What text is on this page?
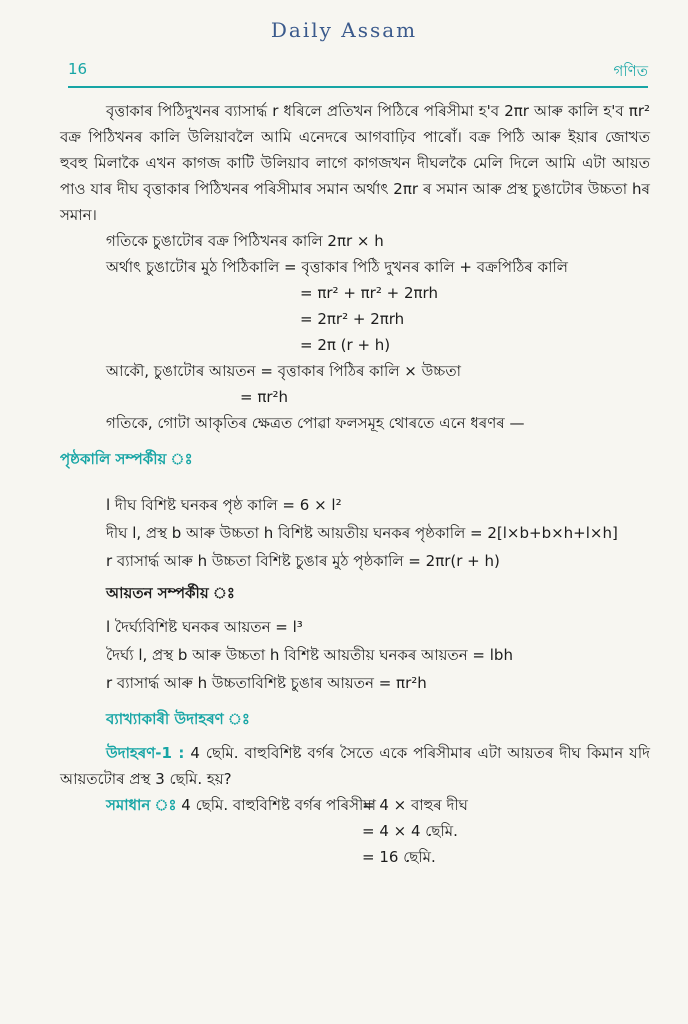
Daily Assam
16	গণিত

বৃত্তাকাৰ পিঠিদুখনৰ ব্যাসাৰ্দ্ধ r ধৰিলে প্ৰতিখন পিঠিৰে পৰিসীমা হ'ব 2πr আৰু কালি হ'ব πr² বক্ৰ পিঠিখনৰ কালি উলিয়াবলৈ আমি এনেদৰে আগবাঢ়িব পাৰোঁ। বক্ৰ পিঠি আৰু ইয়াৰ জোখত হুবহু মিলাকৈ এখন কাগজ কাটি উলিয়াব লাগে কাগজখন দীঘলকৈ মেলি দিলে আমি এটা আয়ত পাও যাৰ দীঘ বৃত্তাকাৰ পিঠিখনৰ পৰিসীমাৰ সমান অৰ্থাৎ 2πr ৰ সমান আৰু প্ৰস্থ চুঙাটোৰ উচ্চতা hৰ সমান।

গতিকে চুঙাটোৰ বক্ৰ পিঠিখনৰ কালি 2πr × h

অৰ্থাৎ চুঙাটোৰ মুঠ পিঠিকালি = বৃত্তাকাৰ পিঠি দুখনৰ কালি + বক্ৰপিঠিৰ কালি

= πr² + πr² + 2πrh
= 2πr² + 2πrh
= 2π (r + h)

আকৌ, চুঙাটোৰ আয়তন = বৃত্তাকাৰ পিঠিৰ কালি × উচ্চতা

= πr²h

গতিকে, গোটা আকৃতিৰ ক্ষেত্ৰত পোৱা ফলসমূহ থোৰতে এনে ধৰণৰ —

পৃষ্ঠকালি সম্পৰ্কীয় ঃ

l দীঘ বিশিষ্ট ঘনকৰ পৃষ্ঠ কালি = 6 × l²

দীঘ l, প্ৰস্থ b আৰু উচ্চতা h বিশিষ্ট আয়তীয় ঘনকৰ পৃষ্ঠকালি = 2[l×b+b×h+l×h]

r ব্যাসাৰ্দ্ধ আৰু h উচ্চতা বিশিষ্ট চুঙাৰ মুঠ পৃষ্ঠকালি = 2πr(r + h)

আয়তন সম্পৰ্কীয় ঃ

l দৈৰ্ঘ্যবিশিষ্ট ঘনকৰ আয়তন = l³

দৈৰ্ঘ্য l, প্ৰস্থ b আৰু উচ্চতা h বিশিষ্ট আয়তীয় ঘনকৰ আয়তন = lbh

r ব্যাসাৰ্দ্ধ আৰু h উচ্চতাবিশিষ্ট চুঙাৰ আয়তন = πr²h

ব্যাখ্যাকাৰী উদাহৰণ ঃ

উদাহৰণ-1 : 4 ছেমি. বাহুবিশিষ্ট বৰ্গৰ সৈতে একে পৰিসীমাৰ এটা আয়তৰ দীঘ কিমান যদি আয়তটোৰ প্ৰস্থ 3 ছেমি. হয়?

সমাধান ঃ 4 ছেমি. বাহুবিশিষ্ট বৰ্গৰ পৰিসীমা
= 4 × বাহুৰ দীঘ
= 4 × 4 ছেমি.
= 16 ছেমি.
